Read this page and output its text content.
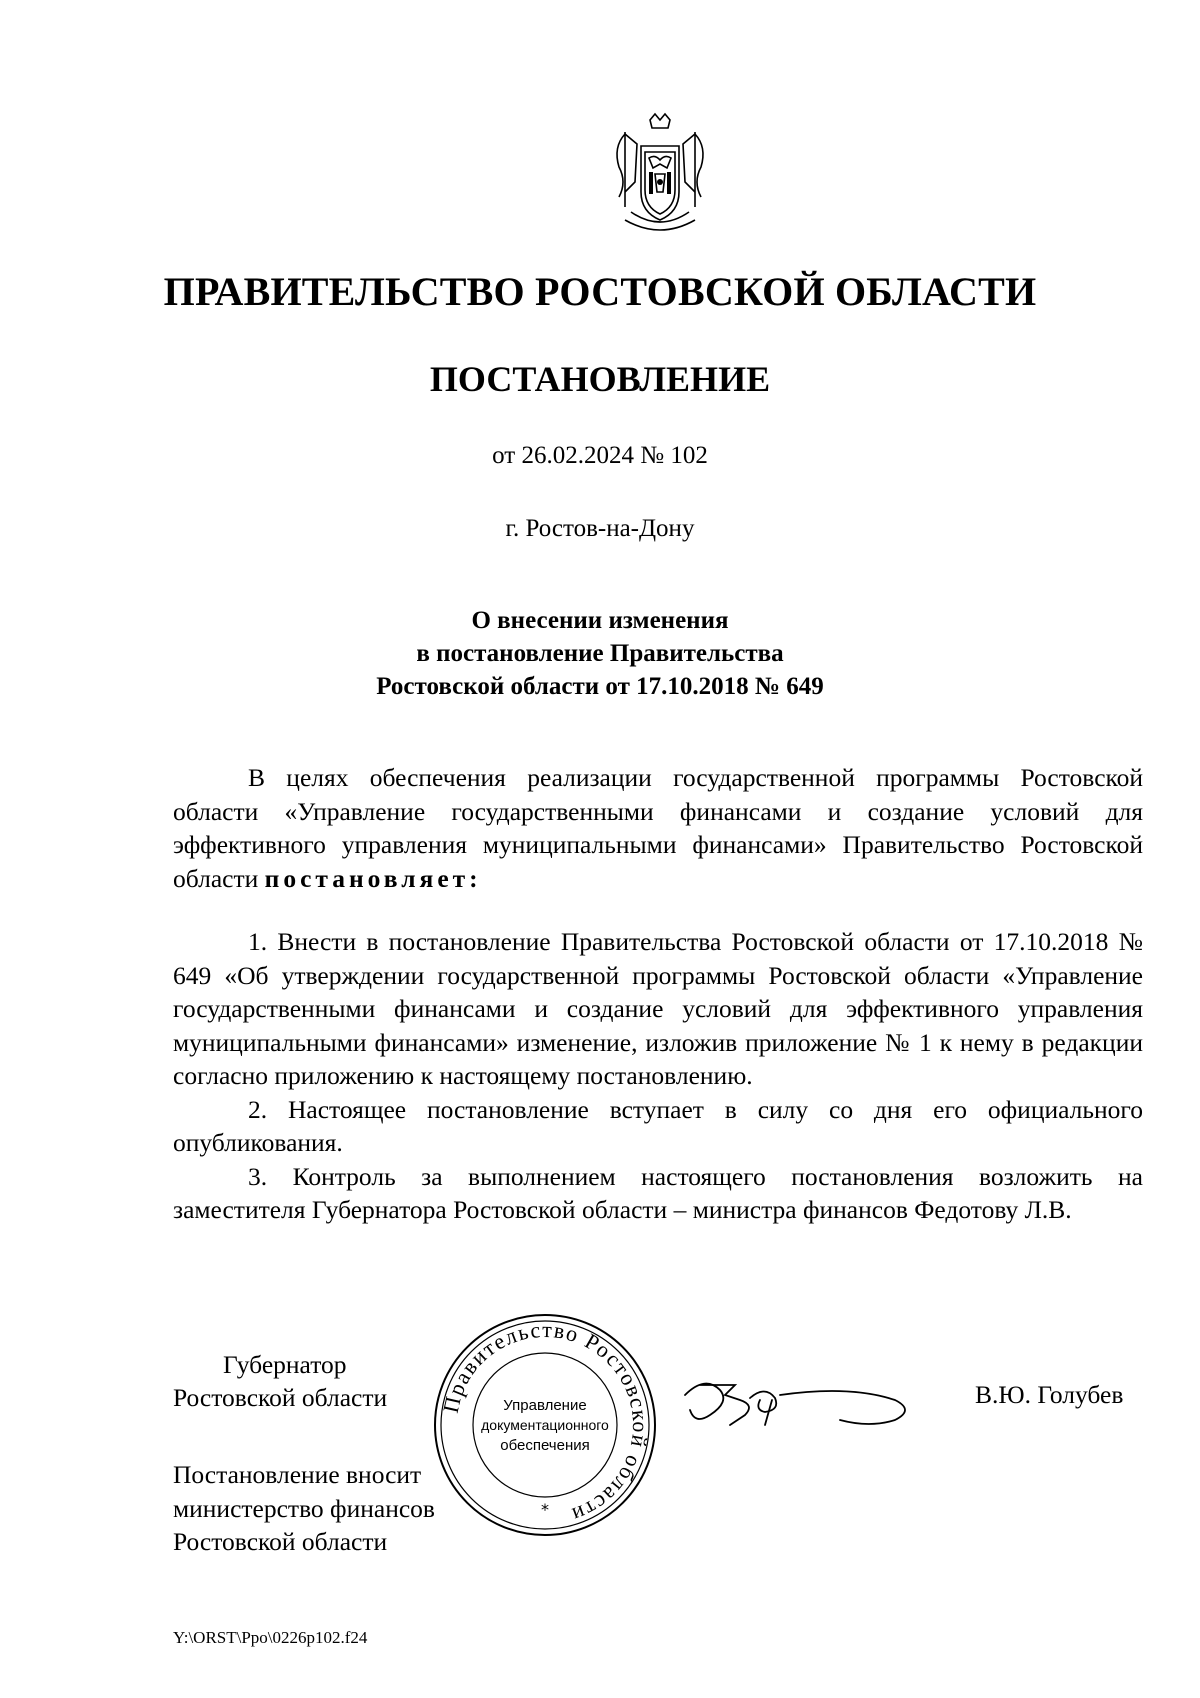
ПРАВИТЕЛЬСТВО РОСТОВСКОЙ ОБЛАСТИ
ПОСТАНОВЛЕНИЕ
от 26.02.2024 № 102
г. Ростов-на-Дону
О внесении изменения
в постановление Правительства
Ростовской области от 17.10.2018 № 649

В целях обеспечения реализации государственной программы Ростовской области «Управление государственными финансами и создание условий для эффективного управления муниципальными финансами» Правительство Ростовской области постановляет:

1. Внести в постановление Правительства Ростовской области от 17.10.2018 № 649 «Об утверждении государственной программы Ростовской области «Управление государственными финансами и создание условий для эффективного управления муниципальными финансами» изменение, изложив приложение № 1 к нему в редакции согласно приложению к настоящему постановлению.

2. Настоящее постановление вступает в силу со дня его официального опубликования.

3. Контроль за выполнением настоящего постановления возложить на заместителя Губернатора Ростовской области – министра финансов Федотову Л.В.

Губернатор
Ростовской области Правительство Ростовской области
Управление
документационного
обеспечения
*
В.Ю. Голубев
Постановление вносит
министерство финансов
Ростовской области
Y:\ORST\Ppo\0226p102.f24
